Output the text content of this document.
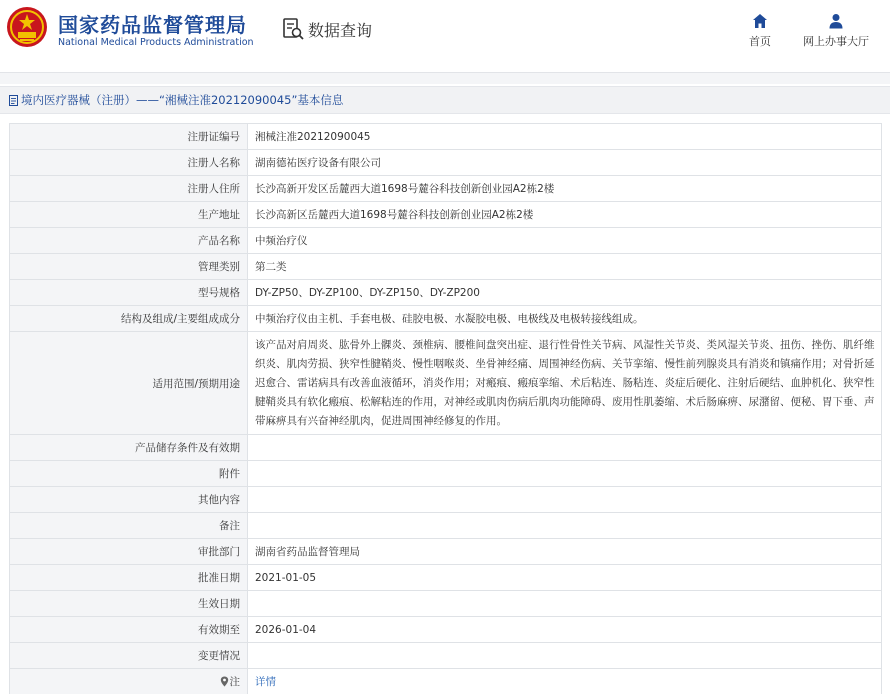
国家药品监督管理局
National Medical Products Administration
数据查询
首页	网上办事大厅
境内医疗器械（注册） —— “湘械注准20212090045”基本信息
注册证编号	湘械注准20212090045
注册人名称	湖南德祐医疗设备有限公司
注册人住所	长沙高新开发区岳麓西大道1698号麓谷科技创新创业园A2栋2楼
生产地址	长沙高新区岳麓西大道1698号麓谷科技创新创业园A2栋2楼
产品名称	中频治疗仪
管理类别	第二类
型号规格	DY-ZP50、DY-ZP100、DY-ZP150、DY-ZP200
结构及组成/主要组成成分	中频治疗仪由主机、手套电极、硅胶电极、水凝胶电极、电极线及电极转接线组成。
适用范围/预期用途	该产品对肩周炎、肱骨外上髁炎、颈椎病、腰椎间盘突出症、退行性骨性关节病、风湿性关节炎、类风湿关节炎、扭伤、挫伤、肌纤维织炎、肌肉劳损、狭窄性腱鞘炎、慢性咽喉炎、坐骨神经痛、周围神经伤病、关节挛缩、慢性前列腺炎具有消炎和镇痛作用；对骨折延迟愈合、雷诺病具有改善血液循环，消炎作用；对瘢痕、瘢痕挛缩、术后粘连、肠粘连、炎症后硬化、注射后硬结、血肿机化、狭窄性腱鞘炎具有软化瘢痕、松解粘连的作用，对神经或肌肉伤病后肌肉功能障碍、废用性肌萎缩、术后肠麻痹、尿潴留、便秘、胃下垂、声带麻痹具有兴奋神经肌肉，促进周围神经修复的作用。
产品储存条件及有效期	
附件	
其他内容	
备注	
审批部门	湖南省药品监督管理局
批准日期	2021-01-05
生效日期	
有效期至	2026-01-04
变更情况	

注	详情
